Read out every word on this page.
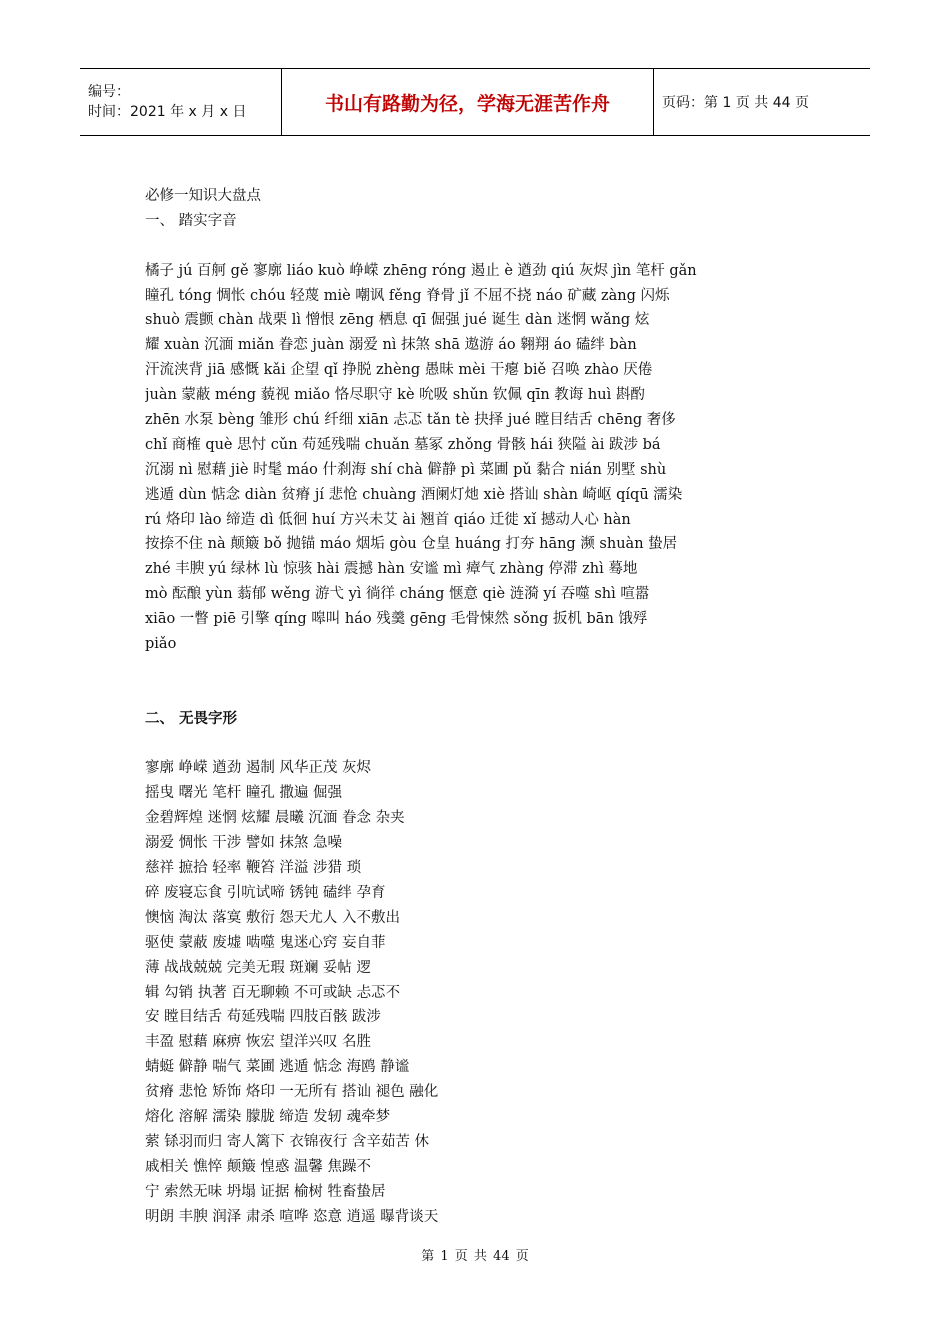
编号：
时间：2021 年 x 月 x 日	书山有路勤为径，学海无涯苦作舟	页码：第 1 页 共 44 页
必修一知识大盘点
一、 踏实字音
橘子 jú 百舸 gě 寥廓 liáo kuò 峥嵘 zhēng róng 遏止 è 遒劲 qiú 灰烬 jìn 笔杆 gǎn
瞳孔 tóng 惆怅 chóu 轻蔑 miè 嘲讽 fěng 脊骨 jǐ 不屈不挠 náo 矿藏 zàng 闪烁
shuò 震颤 chàn 战栗 lì 憎恨 zēng 栖息 qī 倔强 jué 诞生 dàn 迷惘 wǎng 炫
耀 xuàn 沉湎 miǎn 眷恋 juàn 溺爱 nì 抹煞 shā 遨游 áo 翱翔 áo 磕绊 bàn
汗流浃背 jiā 感慨 kǎi 企望 qǐ 挣脱 zhèng 愚昧 mèi 干瘪 biě 召唤 zhào 厌倦
juàn 蒙蔽 méng 藐视 miǎo 恪尽职守 kè 吮吸 shǔn 钦佩 qīn 教诲 huì 斟酌
zhēn 水泵 bèng 雏形 chú 纤细 xiān 忐忑 tǎn tè 抉择 jué 瞠目结舌 chēng 奢侈
chǐ 商榷 què 思忖 cǔn 苟延残喘 chuǎn 墓冢 zhǒng 骨骸 hái 狭隘 ài 跋涉 bá
沉溺 nì 慰藉 jiè 时髦 máo 什刹海 shí chà 僻静 pì 菜圃 pǔ 黏合 nián 别墅 shù
逃遁 dùn 惦念 diàn 贫瘠 jí 悲怆 chuàng 酒阑灯灺 xiè 搭讪 shàn 崎岖 qíqū 濡染
rú 烙印 lào 缔造 dì 低徊 huí 方兴未艾 ài 翘首 qiáo 迁徙 xǐ 撼动人心 hàn
按捺不住 nà 颠簸 bǒ 抛锚 máo 烟垢 gòu 仓皇 huáng 打夯 hāng 濒 shuàn 蛰居
zhé 丰腴 yú 绿林 lù 惊骇 hài 震撼 hàn 安谧 mì 瘴气 zhàng 停滞 zhì 蓦地
mò 酝酿 yùn 蓊郁 wěng 游弋 yì 徜徉 cháng 惬意 qiè 涟漪 yí 吞噬 shì 喧嚣
xiāo 一瞥 piē 引擎 qíng 嗥叫 háo 残羹 gēng 毛骨悚然 sǒng 扳机 bān 饿殍
piǎo
二、 无畏字形
寥廓 峥嵘 遒劲 遏制 风华正茂 灰烬
摇曳 曙光 笔杆 瞳孔 撒遍 倔强
金碧辉煌 迷惘 炫耀 晨曦 沉湎 眷念 杂夹
溺爱 惆怅 干涉 譬如 抹煞 急噪
慈祥 摭拾 轻率 鞭笞 洋溢 涉猎 琐
碎 废寝忘食 引吭试啼 锈钝 磕绊 孕育
懊恼 淘汰 落寞 敷衍 怨天尤人 入不敷出
驱使 蒙蔽 废墟 啮噬 鬼迷心窍 妄自菲
薄 战战兢兢 完美无瑕 斑斓 妥帖 逻
辑 勾销 执著 百无聊赖 不可或缺 忐忑不
安 瞠目结舌 苟延残喘 四肢百骸 跋涉
丰盈 慰藉 麻痹 恢宏 望洋兴叹 名胜
蜻蜓 僻静 喘气 菜圃 逃遁 惦念 海鸥 静谧
贫瘠 悲怆 矫饰 烙印 一无所有 搭讪 褪色 融化
熔化 溶解 濡染 朦胧 缔造 发轫 魂牵梦
萦 铩羽而归 寄人篱下 衣锦夜行 含辛茹苦 休
戚相关 憔悴 颠簸 惶惑 温馨 焦躁不
宁 索然无味 坍塌 证据 榆树 牲畜蛰居
明朗 丰腴 润泽 肃杀 喧哗 恣意 逍遥 曝背谈天
第 1 页 共 44 页
